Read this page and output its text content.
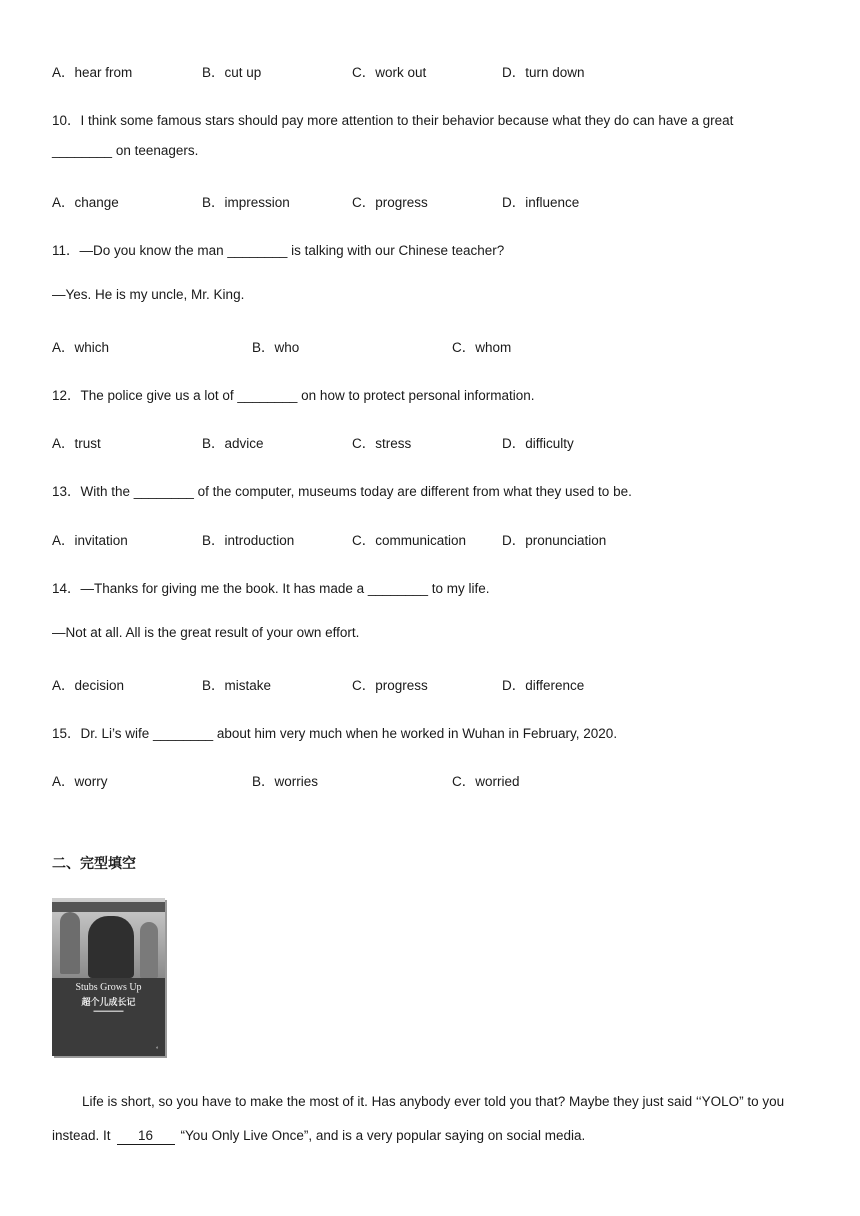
A．hear from	B．cut up	C．work out	D．turn down
10．I think some famous stars should pay more attention to their behavior because what they do can have a great
________ on teenagers.
A．change	B．impression	C．progress	D．influence
11．—Do you know the man ________ is talking with our Chinese teacher?
—Yes. He is my uncle, Mr. King.
A．which	B．who	C．whom
12．The police give us a lot of ________ on how to protect personal information.
A．trust	B．advice	C．stress	D．difficulty
13．With the ________ of the computer, museums today are different from what they used to be.
A．invitation	B．introduction	C．communication	D．pronunciation
14．—Thanks for giving me the book. It has made a ________ to my life.
—Not at all. All is the great result of your own effort.
A．decision	B．mistake	C．progress	D．difference
15．Dr. Li’s wife ________ about him very much when he worked in Wuhan in February, 2020.
A．worry	B．worries	C．worried
二、完型填空
Stubs Grows Up
超个儿成长记
▬▬▬▬▬▬
◐
Life is short, so you have to make the most of it. Has anybody ever told you that? Maybe they just said ‘‘YOLO” to you
instead. It 16 “You Only Live Once”, and is a very popular saying on social media.
